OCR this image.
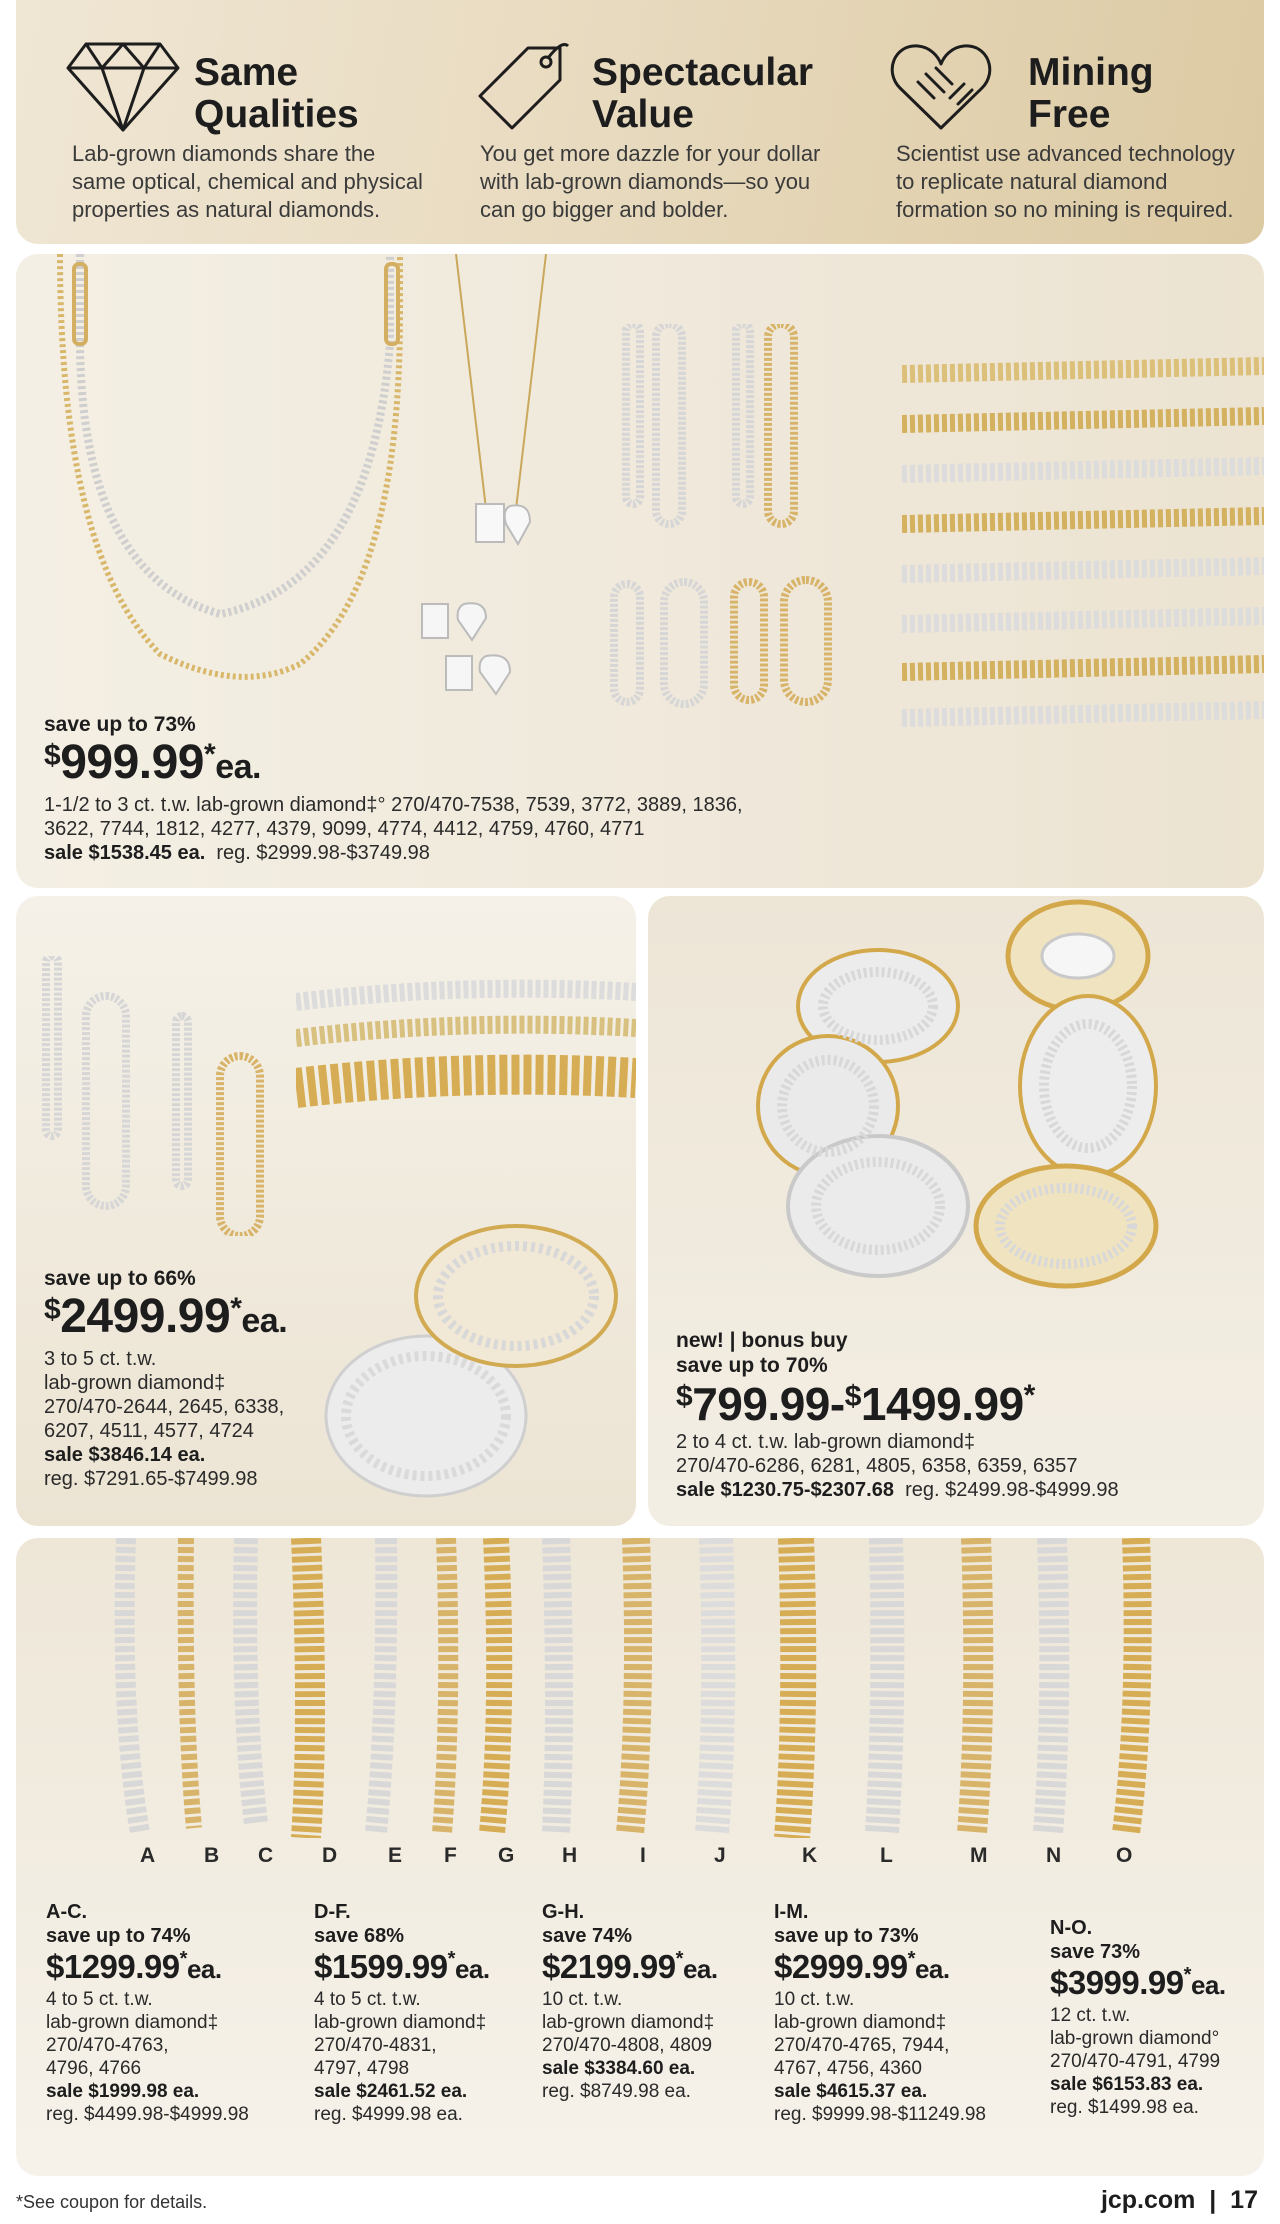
Same
Qualities
Lab-grown diamonds share the
same optical, chemical and physical
properties as natural diamonds.
Spectacular
Value
You get more dazzle for your dollar
with lab-grown diamonds—so you
can go bigger and bolder.
Mining
Free
Scientist use advanced technology
to replicate natural diamond
formation so no mining is required.
save up to 73%
$999.99*ea.
1-1/2 to 3 ct. t.w. lab-grown diamond‡° 270/470-7538, 7539, 3772, 3889, 1836,
3622, 7744, 1812, 4277, 4379, 9099, 4774, 4412, 4759, 4760, 4771
sale $1538.45 ea. reg. $2999.98-$3749.98
save up to 66%
$2499.99*ea.
3 to 5 ct. t.w.
lab-grown diamond‡
270/470-2644, 2645, 6338,
6207, 4511, 4577, 4724
sale $3846.14 ea.
reg. $7291.65-$7499.98
new! | bonus buy
save up to 70%
$799.99-$1499.99*
2 to 4 ct. t.w. lab-grown diamond‡
270/470-6286, 6281, 4805, 6358, 6359, 6357
sale $1230.75-$2307.68 reg. $2499.98-$4999.98
A-C.
save up to 74%
$1299.99*ea.
4 to 5 ct. t.w.
lab-grown diamond‡
270/470-4763,
4796, 4766
sale $1999.98 ea.
reg. $4499.98-$4999.98
D-F.
save 68%
$1599.99*ea.
4 to 5 ct. t.w.
lab-grown diamond‡
270/470-4831,
4797, 4798
sale $2461.52 ea.
reg. $4999.98 ea.
G-H.
save 74%
$2199.99*ea.
10 ct. t.w.
lab-grown diamond‡
270/470-4808, 4809
sale $3384.60 ea.
reg. $8749.98 ea.
I-M.
save up to 73%
$2999.99*ea.
10 ct. t.w.
lab-grown diamond‡
270/470-4765, 7944,
4767, 4756, 4360
sale $4615.37 ea.
reg. $9999.98-$11249.98
N-O.
save 73%
$3999.99*ea.
12 ct. t.w.
lab-grown diamond°
270/470-4791, 4799
sale $6153.83 ea.
reg. $1499.98 ea.
A B C D E F G H	I	J	K	L	M	N	O
*See coupon for details.	jcp.com  |  17
